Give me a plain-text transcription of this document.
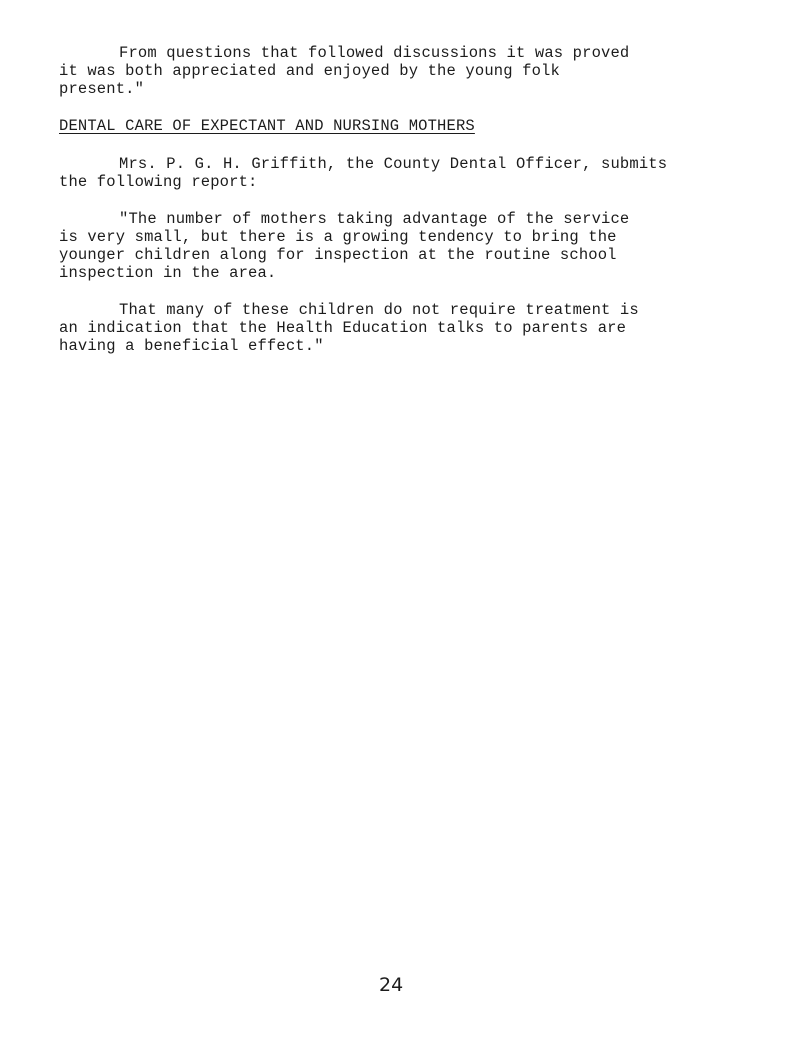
From questions that followed discussions it was proved
it was both appreciated and enjoyed by the young folk
present."
DENTAL CARE OF EXPECTANT AND NURSING MOTHERS
Mrs. P. G. H. Griffith, the County Dental Officer, submits
the following report:
"The number of mothers taking advantage of the service
is very small, but there is a growing tendency to bring the
younger children along for inspection at the routine school
inspection in the area.
That many of these children do not require treatment is
an indication that the Health Education talks to parents are
having a beneficial effect."
24
